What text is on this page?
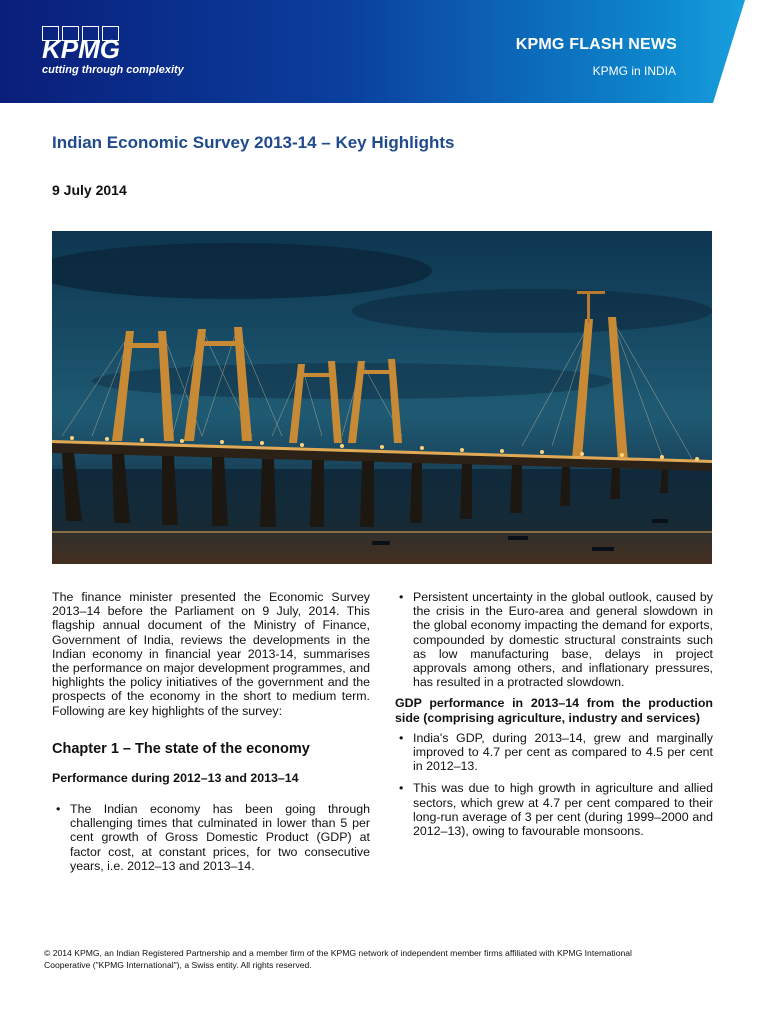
KPMG
cutting through complexity
KPMG FLASH NEWS
KPMG in INDIA
Indian Economic Survey 2013-14 – Key Highlights
9 July 2014

The finance minister presented the Economic Survey 2013–14 before the Parliament on 9 July, 2014. This flagship annual document of the Ministry of Finance, Government of India, reviews the developments in the Indian economy in financial year 2013-14, summarises the performance on major development programmes, and highlights the policy initiatives of the government and the prospects of the economy in the short to medium term. Following are key highlights of the survey:

Chapter 1 – The state of the economy
Performance during 2012–13 and 2013–14
• The Indian economy has been going through challenging times that culminated in lower than 5 per cent growth of Gross Domestic Product (GDP) at factor cost, at constant prices, for two consecutive years, i.e. 2012–13 and 2013–14.
• Persistent uncertainty in the global outlook, caused by the crisis in the Euro-area and general slowdown in the global economy impacting the demand for exports, compounded by domestic structural constraints such as low manufacturing base, delays in project approvals among others, and inflationary pressures, has resulted in a protracted slowdown.
GDP performance in 2013–14 from the production side (comprising agriculture, industry and services)
• India's GDP, during 2013–14, grew and marginally improved to 4.7 per cent as compared to 4.5 per cent in 2012–13.
• This was due to high growth in agriculture and allied sectors, which grew at 4.7 per cent compared to their long-run average of 3 per cent (during 1999–2000 and 2012–13), owing to favourable monsoons.
© 2014 KPMG, an Indian Registered Partnership and a member firm of the KPMG network of independent member firms affiliated with KPMG International
Cooperative ("KPMG International"), a Swiss entity. All rights reserved.
